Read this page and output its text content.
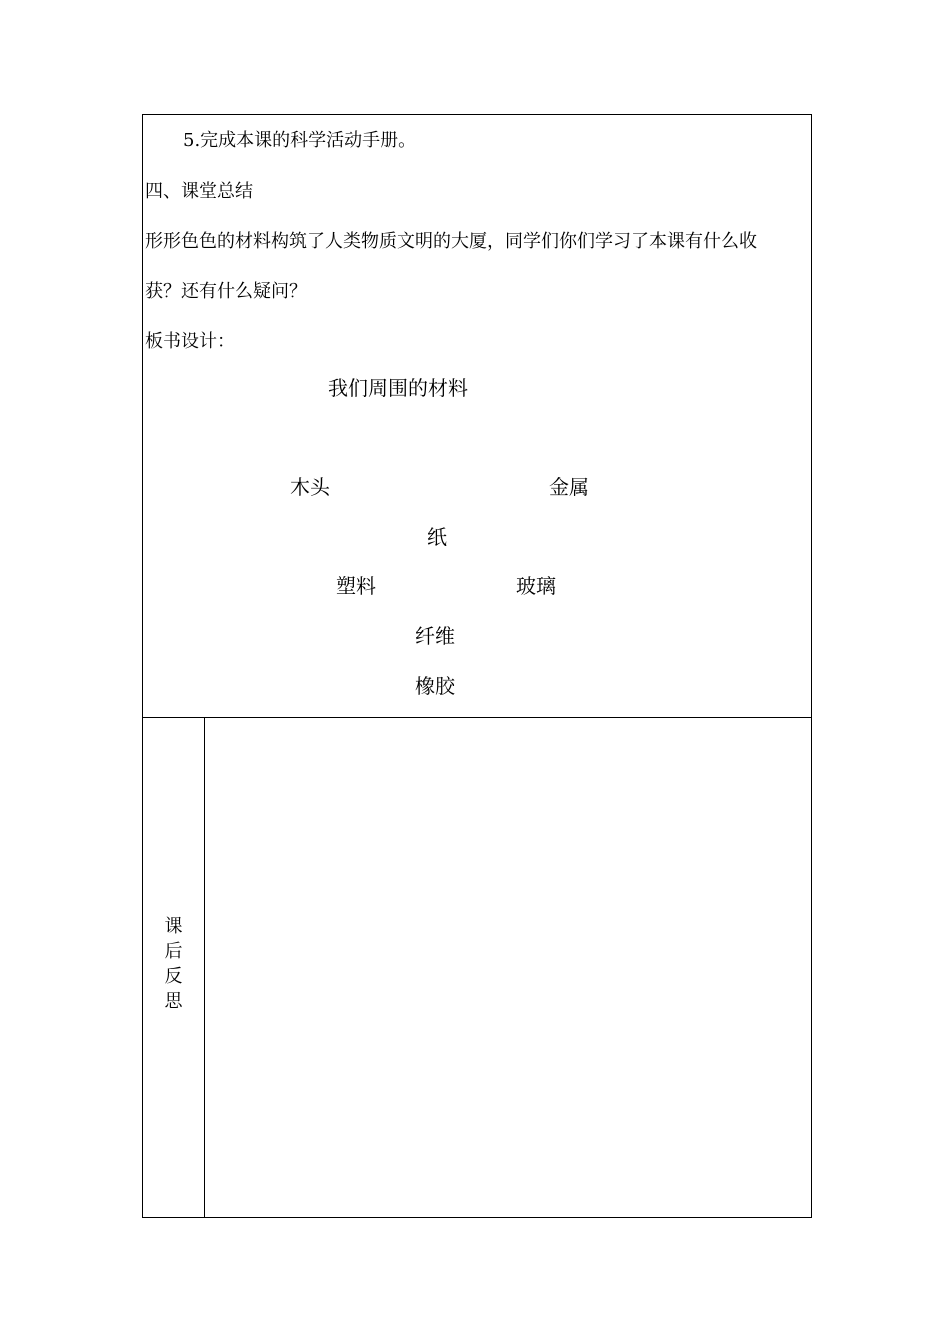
5.完成本课的科学活动手册。
四、课堂总结
形形色色的材料构筑了人类物质文明的大厦，同学们你们学习了本课有什么收
获？还有什么疑问？
板书设计：
我们周围的材料
木头	金属
纸
塑料	玻璃
纤维
橡胶
课
后
反
思
